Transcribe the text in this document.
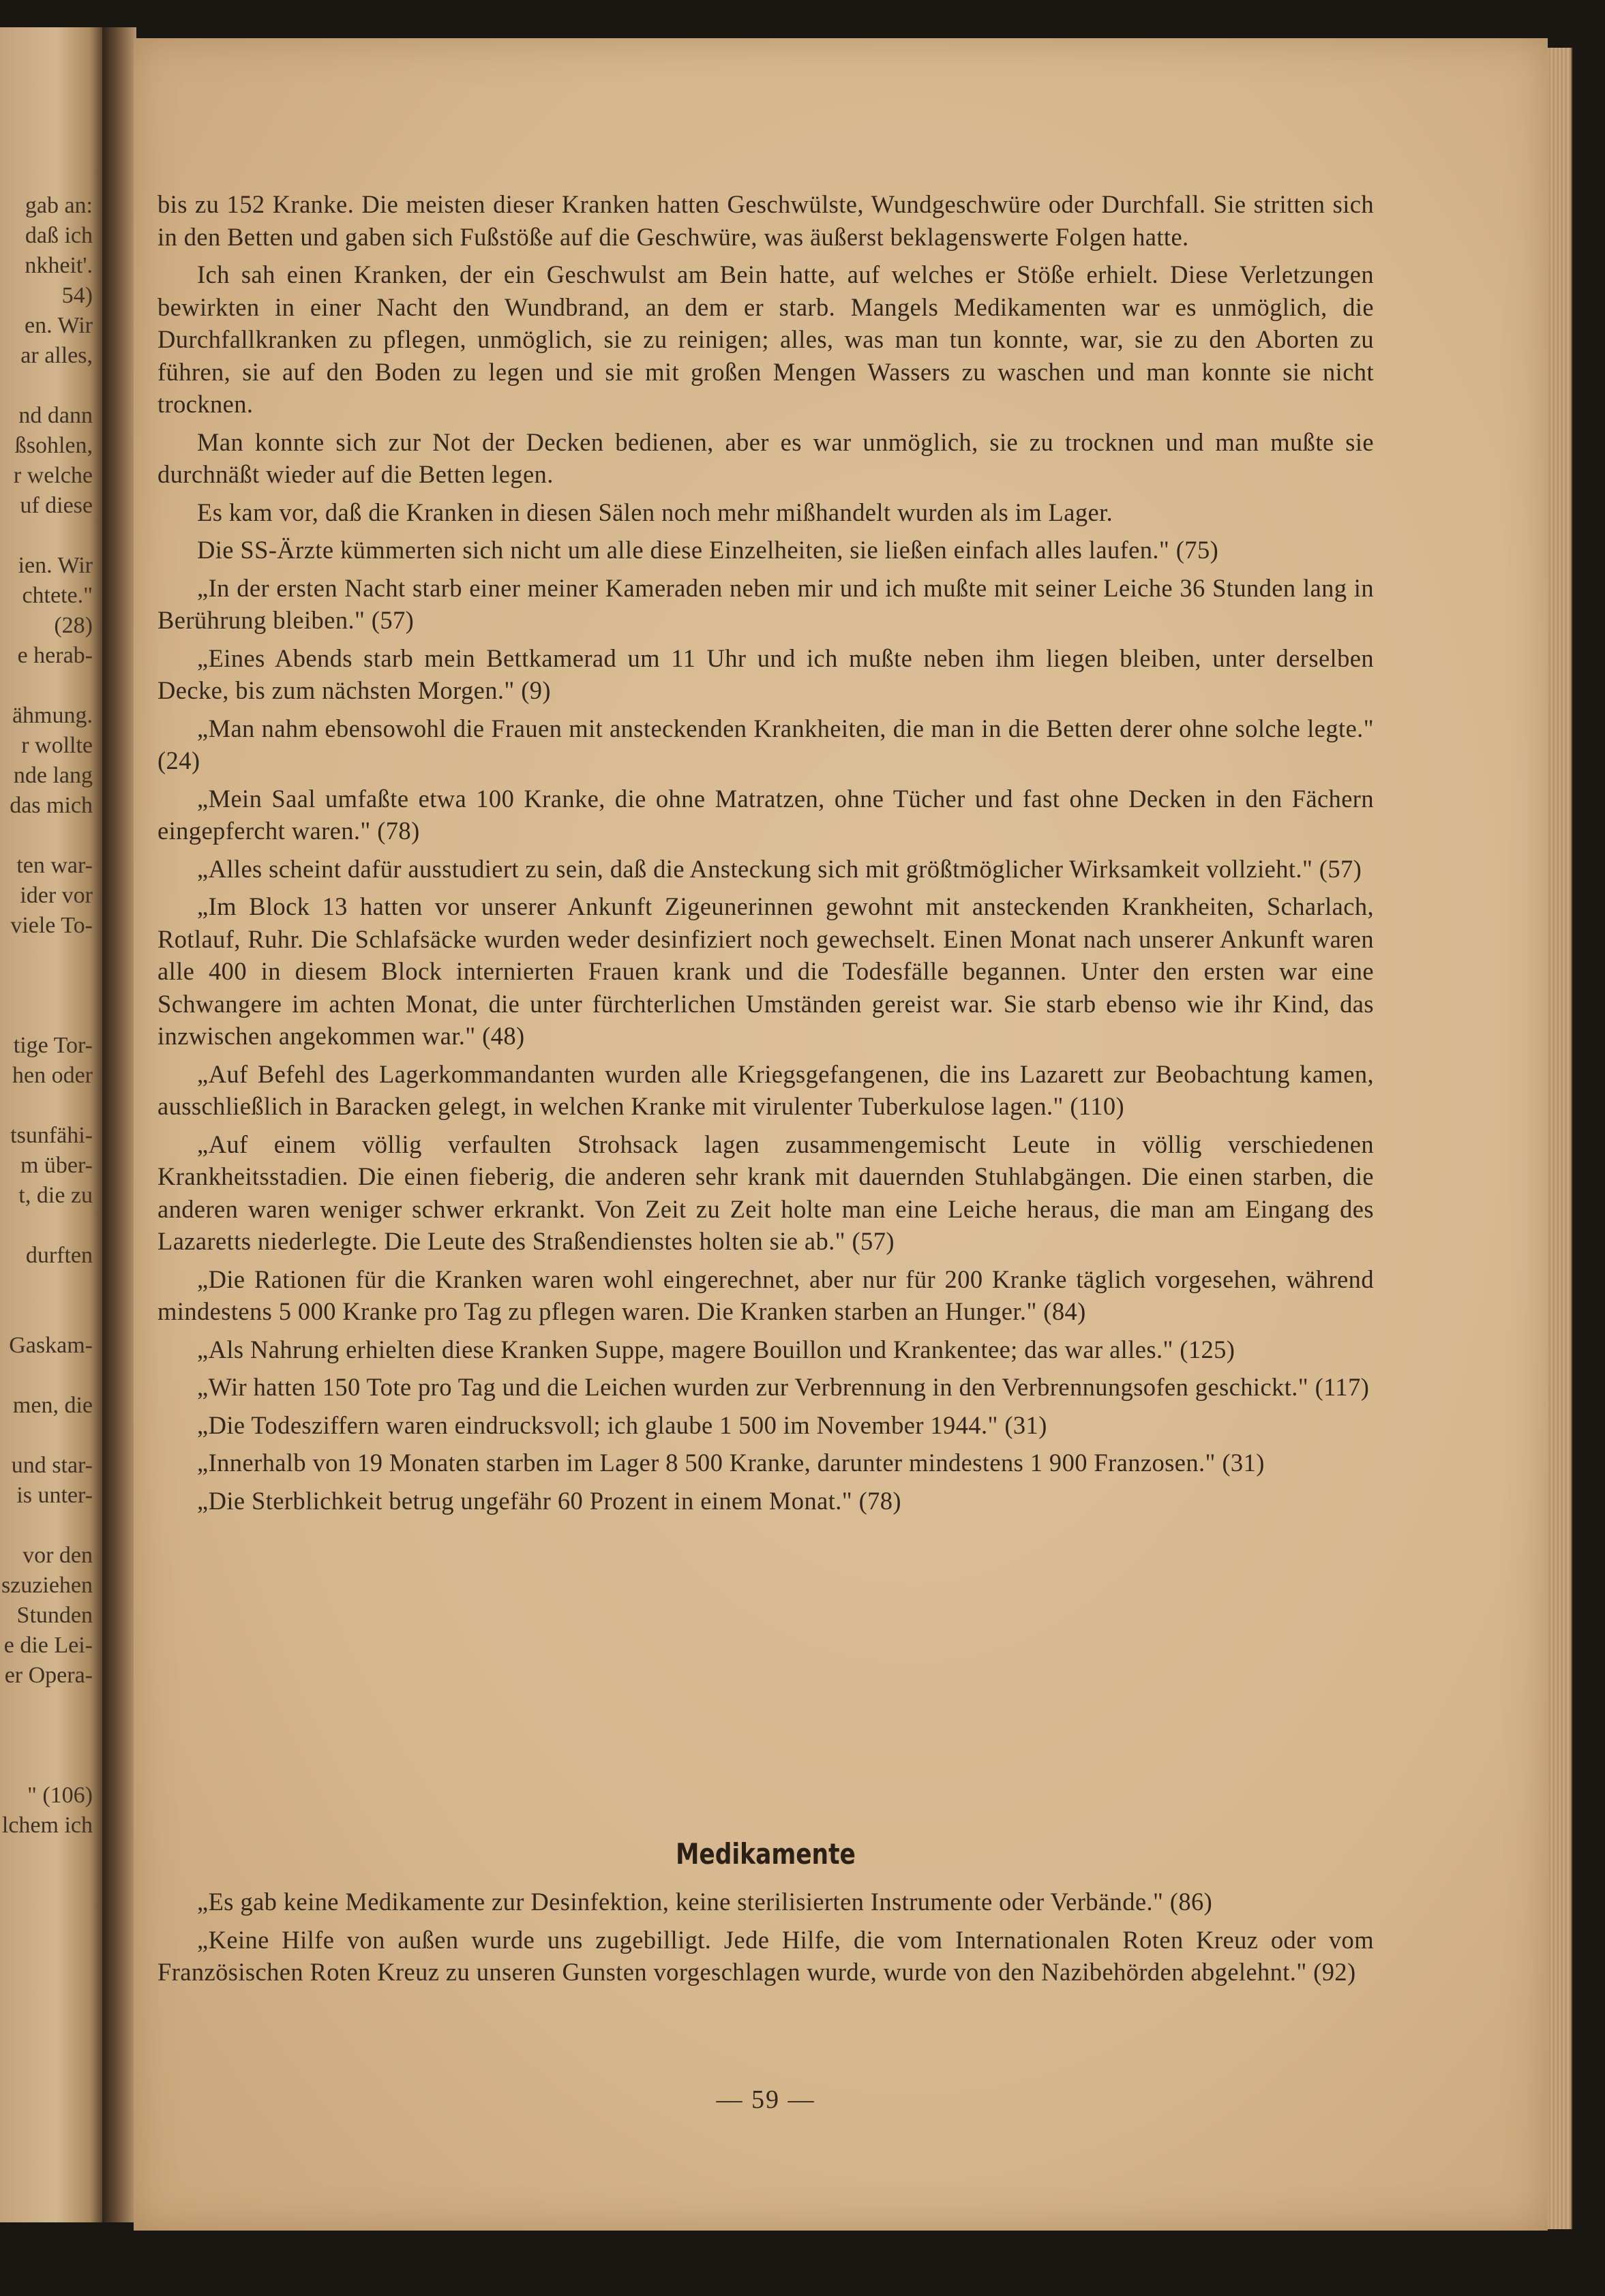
gab an:
daß ich
nkheit'.
54)
en. Wir
ar alles,
nd dann
ßsohlen,
r welche
uf diese
ien. Wir
chtete."
(28)
e herab-
ähmung.
r wollte
nde lang
das mich
ten war-
ider vor
viele To-
tige Tor-
hen oder
tsunfähi-
m über-
t, die zu
durften
Gaskam-
men, die
und star-
is unter-
vor den
szuziehen
Stunden
e die Lei-
er Opera-
" (106)
lchem ich

bis zu 152 Kranke. Die meisten dieser Kranken hatten Geschwülste, Wundgeschwüre oder Durchfall. Sie stritten sich in den Betten und gaben sich Fußstöße auf die Geschwüre, was äußerst beklagenswerte Folgen hatte.

Ich sah einen Kranken, der ein Geschwulst am Bein hatte, auf welches er Stöße erhielt. Diese Verletzungen bewirkten in einer Nacht den Wundbrand, an dem er starb. Mangels Medikamenten war es unmöglich, die Durchfallkranken zu pflegen, unmöglich, sie zu reinigen; alles, was man tun konnte, war, sie zu den Aborten zu führen, sie auf den Boden zu legen und sie mit großen Mengen Wassers zu waschen und man konnte sie nicht trocknen.

Man konnte sich zur Not der Decken bedienen, aber es war unmöglich, sie zu trocknen und man mußte sie durchnäßt wieder auf die Betten legen.

Es kam vor, daß die Kranken in diesen Sälen noch mehr mißhandelt wurden als im Lager.

Die SS-Ärzte kümmerten sich nicht um alle diese Einzelheiten, sie ließen einfach alles laufen." (75)

„In der ersten Nacht starb einer meiner Kameraden neben mir und ich mußte mit seiner Leiche 36 Stunden lang in Berührung bleiben." (57)

„Eines Abends starb mein Bettkamerad um 11 Uhr und ich mußte neben ihm liegen bleiben, unter derselben Decke, bis zum nächsten Morgen." (9)

„Man nahm ebensowohl die Frauen mit ansteckenden Krankheiten, die man in die Betten derer ohne solche legte." (24)

„Mein Saal umfaßte etwa 100 Kranke, die ohne Matratzen, ohne Tücher und fast ohne Decken in den Fächern eingepfercht waren." (78)

„Alles scheint dafür ausstudiert zu sein, daß die Ansteckung sich mit größtmöglicher Wirksamkeit vollzieht." (57)

„Im Block 13 hatten vor unserer Ankunft Zigeunerinnen gewohnt mit ansteckenden Krankheiten, Scharlach, Rotlauf, Ruhr. Die Schlafsäcke wurden weder desinfiziert noch gewechselt. Einen Monat nach unserer Ankunft waren alle 400 in diesem Block internierten Frauen krank und die Todesfälle begannen. Unter den ersten war eine Schwangere im achten Monat, die unter fürchterlichen Umständen gereist war. Sie starb ebenso wie ihr Kind, das inzwischen angekommen war." (48)

„Auf Befehl des Lagerkommandanten wurden alle Kriegsgefangenen, die ins Lazarett zur Beobachtung kamen, ausschließlich in Baracken gelegt, in welchen Kranke mit virulenter Tuberkulose lagen." (110)

„Auf einem völlig verfaulten Strohsack lagen zusammengemischt Leute in völlig verschiedenen Krankheitsstadien. Die einen fieberig, die anderen sehr krank mit dauernden Stuhlabgängen. Die einen starben, die anderen waren weniger schwer erkrankt. Von Zeit zu Zeit holte man eine Leiche heraus, die man am Eingang des Lazaretts niederlegte. Die Leute des Straßendienstes holten sie ab." (57)

„Die Rationen für die Kranken waren wohl eingerechnet, aber nur für 200 Kranke täglich vorgesehen, während mindestens 5 000 Kranke pro Tag zu pflegen waren. Die Kranken starben an Hunger." (84)

„Als Nahrung erhielten diese Kranken Suppe, magere Bouillon und Krankentee; das war alles." (125)

„Wir hatten 150 Tote pro Tag und die Leichen wurden zur Verbrennung in den Verbrennungsofen geschickt." (117)

„Die Todesziffern waren eindrucksvoll; ich glaube 1 500 im November 1944." (31)

„Innerhalb von 19 Monaten starben im Lager 8 500 Kranke, darunter mindestens 1 900 Franzosen." (31)

„Die Sterblichkeit betrug ungefähr 60 Prozent in einem Monat." (78)

Medikamente

„Es gab keine Medikamente zur Desinfektion, keine sterilisierten Instrumente oder Verbände." (86)

„Keine Hilfe von außen wurde uns zugebilligt. Jede Hilfe, die vom Internationalen Roten Kreuz oder vom Französischen Roten Kreuz zu unseren Gunsten vorgeschlagen wurde, wurde von den Nazibehörden abgelehnt." (92)

— 59 —
